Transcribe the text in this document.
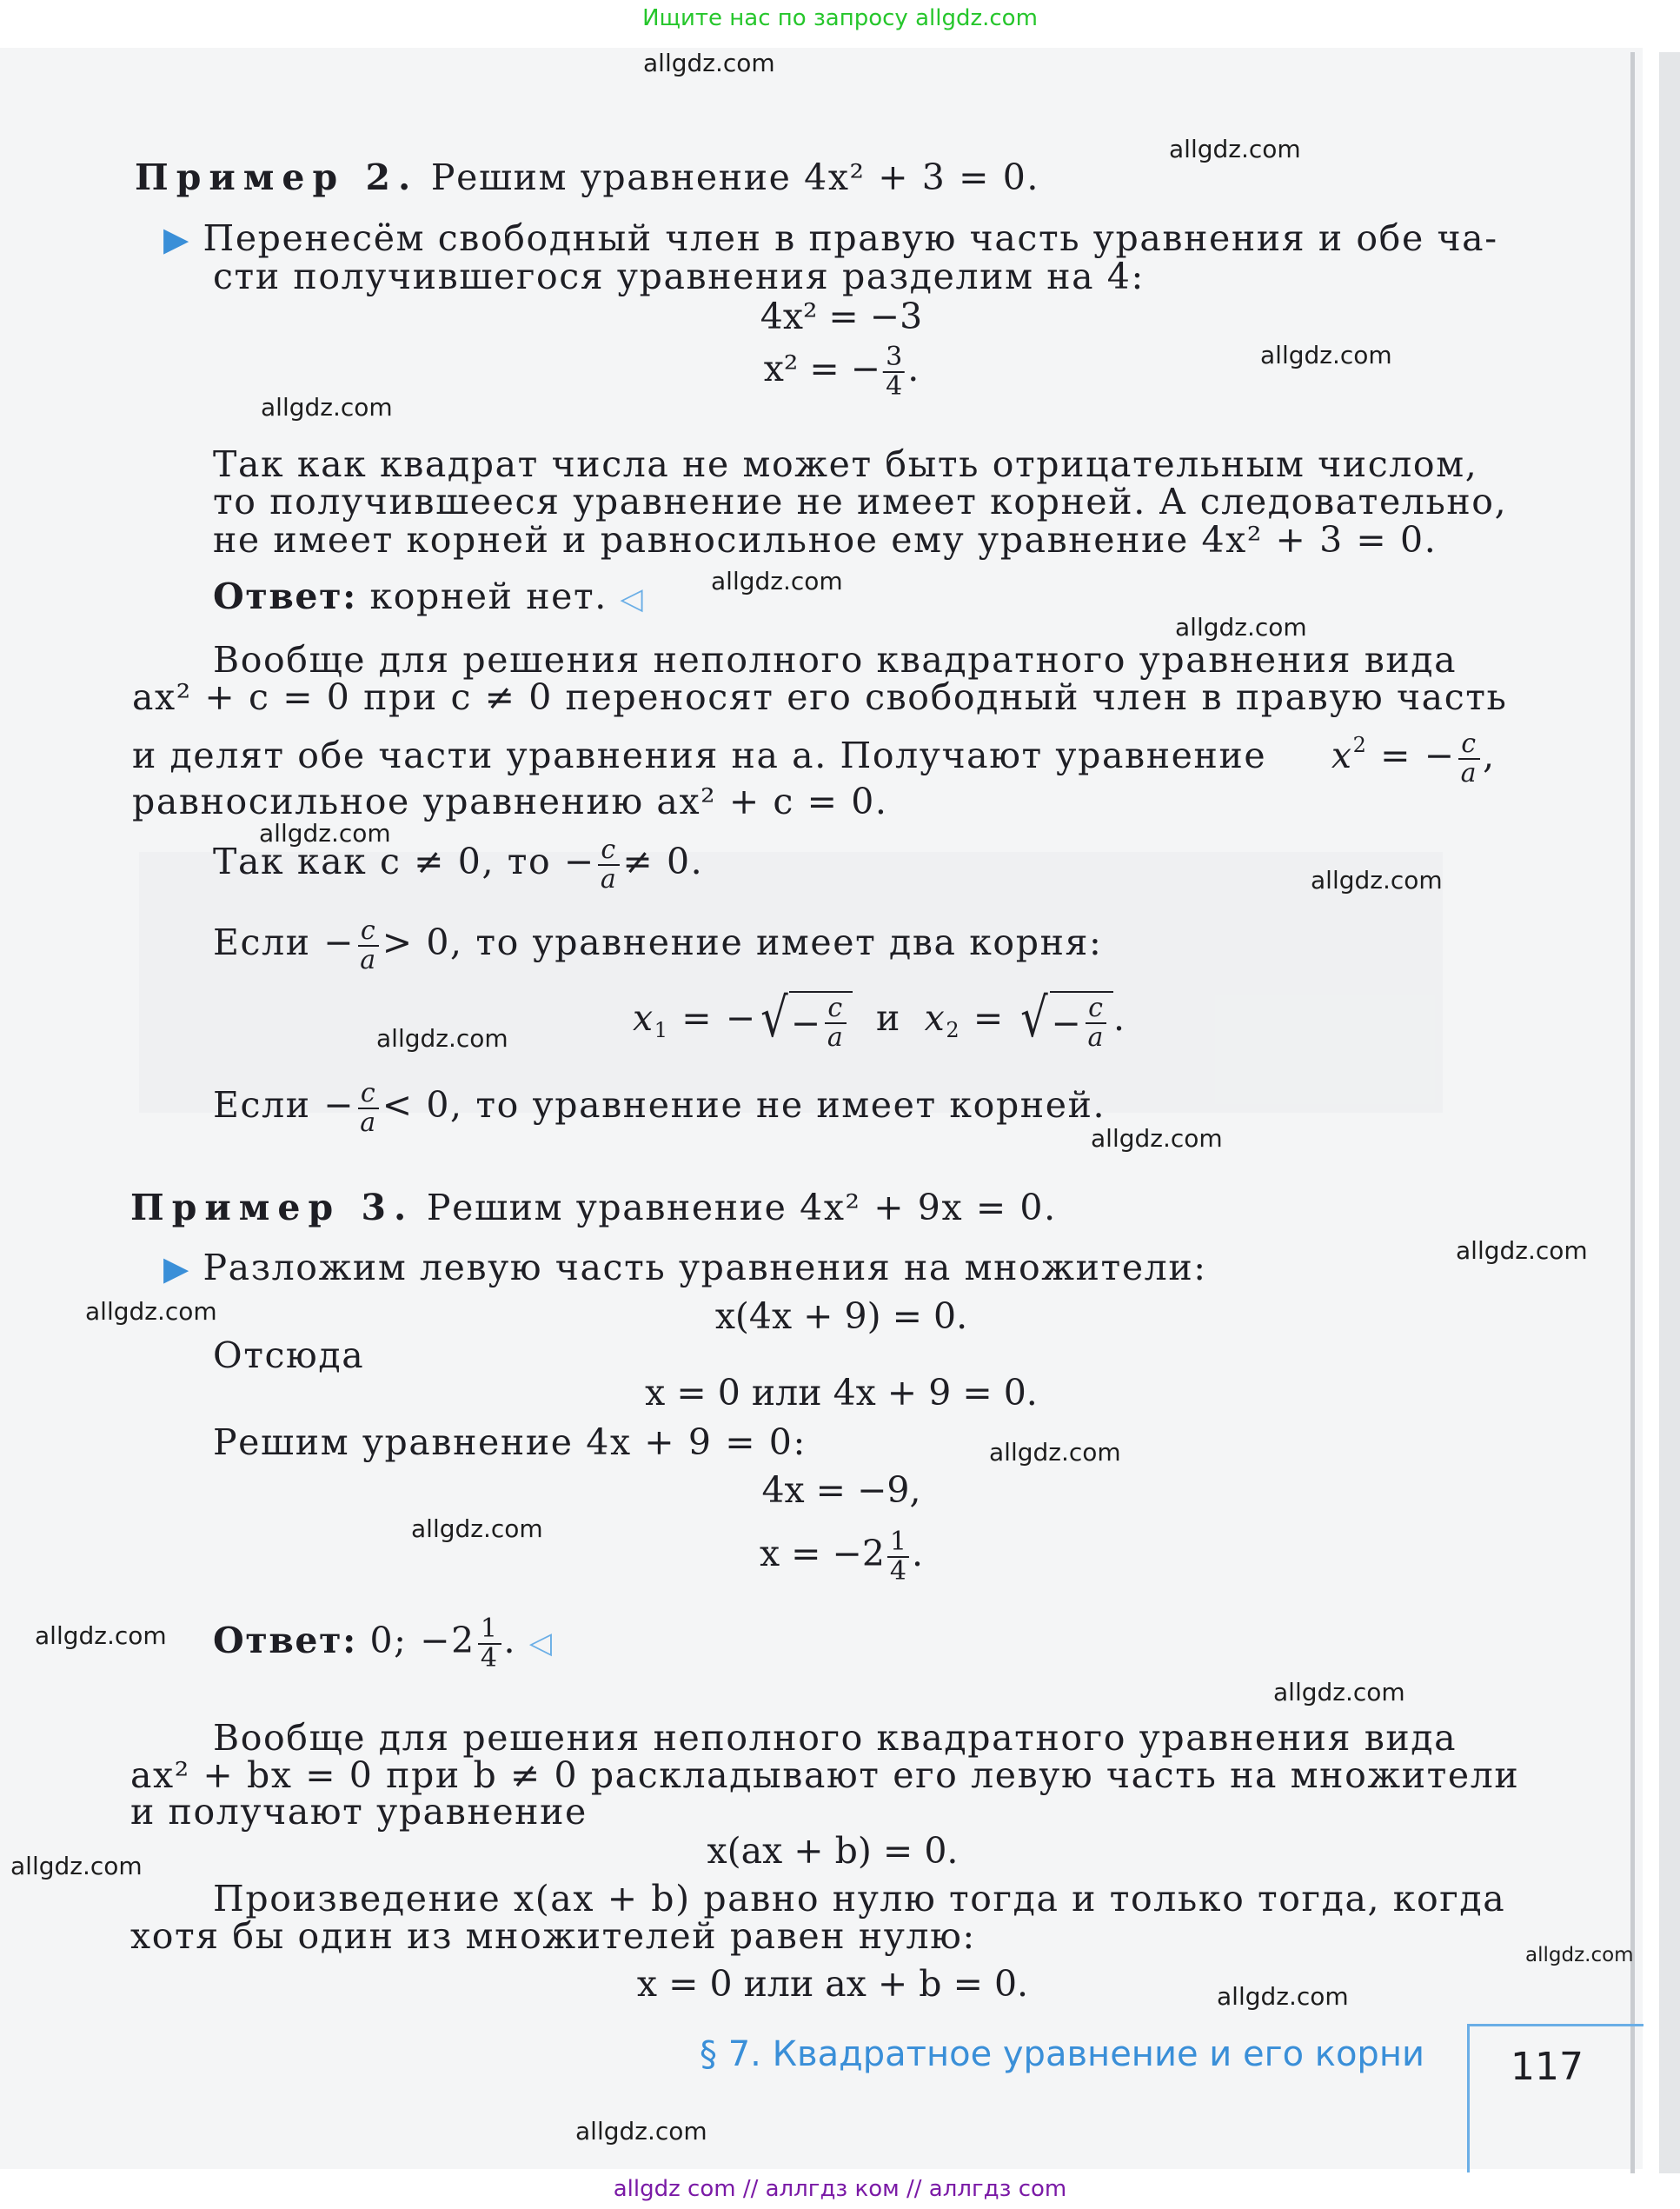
Ищите нас по запросу allgdz.com
Пример 2. Решим уравнение 4x² + 3 = 0.
▶ Перенесём свободный член в правую часть уравнения и обе ча-
сти получившегося уравнения разделим на 4:
4x² = −3
x² = − $\frac{3}{4}$ .
Так как квадрат числа не может быть отрицательным числом,
то получившееся уравнение не имеет корней. А следовательно,
не имеет корней и равносильное ему уравнение 4x² + 3 = 0.
Ответ: корней нет. ◁
Вообще для решения неполного квадратного уравнения вида
ax² + c = 0 при c ≠ 0 переносят его свободный член в правую часть
и делят обе части уравнения на a. Получают уравнение $x^2$ = − $\frac{c}{a}$ ,
равносильное уравнению ax² + c = 0.
Так как c ≠ 0, то − $\frac{c}{a} \ne 0$.
Если − $\frac{c}{a} > 0$, то уравнение имеет два корня:
$x_1$ = − √ − $\frac{c}{a}$ и $x_2$ = √ − $\frac{c}{a}$ .
Если − $\frac{c}{a} < 0$, то уравнение не имеет корней.
Пример 3. Решим уравнение 4x² + 9x = 0.
▶ Разложим левую часть уравнения на множители:
x(4x + 9) = 0.
Отсюда
x = 0 или 4x + 9 = 0.
Решим уравнение 4x + 9 = 0:
4x = −9,
$x = -2 \frac{1}{4}$ .
Ответ: 0; $-2 \frac{1}{4}$ . ◁
Вообще для решения неполного квадратного уравнения вида
ax² + bx = 0 при b ≠ 0 раскладывают его левую часть на множители
и получают уравнение
x(ax + b) = 0.
Произведение x(ax + b) равно нулю тогда и только тогда, когда
хотя бы один из множителей равен нулю:
x = 0 или ax + b = 0.
§ 7. Квадратное уравнение и его корни 117
allgdz.com
allgdz.com
allgdz.com
allgdz.com
allgdz.com
allgdz.com
allgdz.com
allgdz.com
allgdz.com
allgdz.com
allgdz.com
allgdz.com
allgdz.com
allgdz.com
allgdz.com
allgdz.com
allgdz.com
allgdz.com
allgdz.com
allgdz.com
allgdz com // аллгдз ком // аллгдз com
